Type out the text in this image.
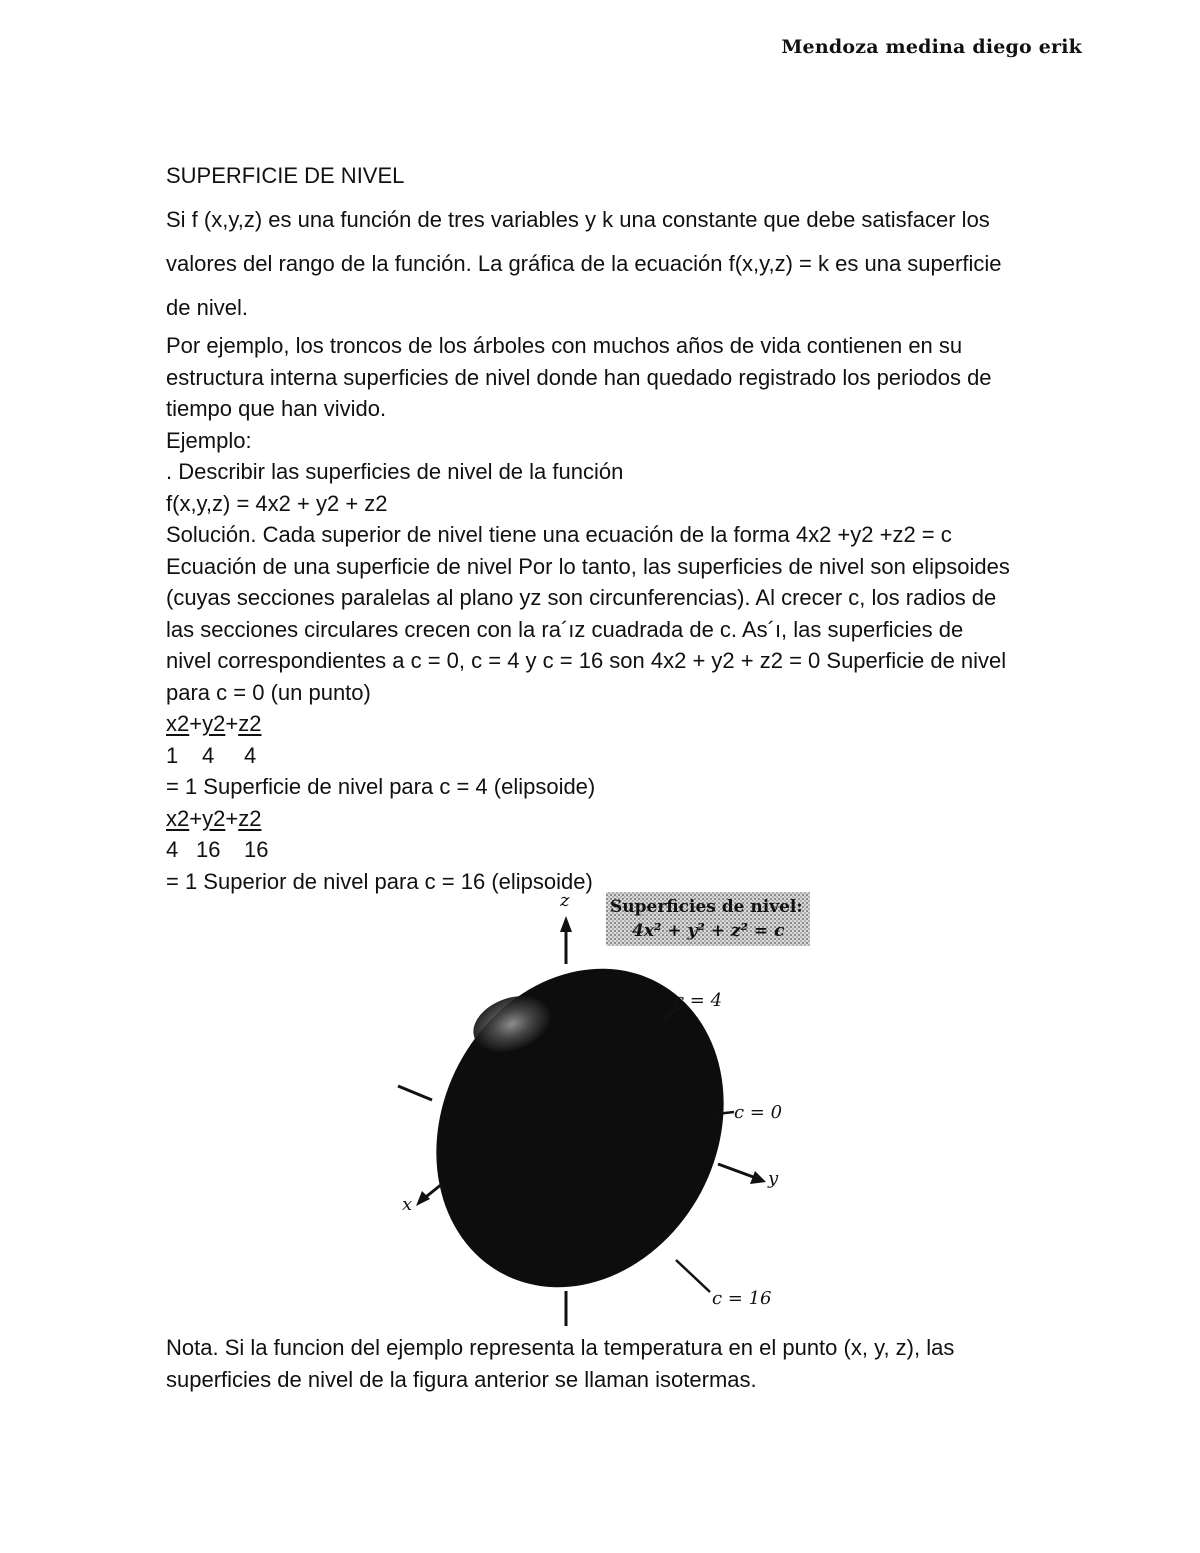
Mendoza medina diego erik
SUPERFICIE DE NIVEL
Si f (x,y,z) es una función de tres variables y k una constante que debe satisfacer los
valores del rango de la función. La gráfica de la ecuación f(x,y,z) = k es una superficie
de nivel.
Por ejemplo, los troncos de los árboles con muchos años de vida contienen en su
estructura interna superficies de nivel donde han quedado registrado los periodos de
tiempo que han vivido.
Ejemplo:
. Describir las superficies de nivel de la función
f(x,y,z) = 4x2 + y2 + z2
Solución. Cada superior de nivel tiene una ecuación de la forma 4x2 +y2 +z2 = c
Ecuación de una superficie de nivel Por lo tanto, las superficies de nivel son elipsoides
(cuyas secciones paralelas al plano yz son circunferencias). Al crecer c, los radios de
las secciones circulares crecen con la ra´ız cuadrada de c. As´ı, las superficies de
nivel correspondientes a c = 0, c = 4 y c = 16 son 4x2 + y2 + z2 = 0 Superficie de nivel
para c = 0 (un punto)
x2+y2+z2
1 4 4
= 1 Superficie de nivel para c = 4 (elipsoide)
x2+y2+z2
4 16 16
= 1 Superior de nivel para c = 16 (elipsoide)
Superficies de nivel:
4x² + y² + z² = c
z
y
x
c = 4
c = 0
c = 16
Nota. Si la funcion del ejemplo representa la temperatura en el punto (x, y, z), las
superficies de nivel de la figura anterior se llaman isotermas.
